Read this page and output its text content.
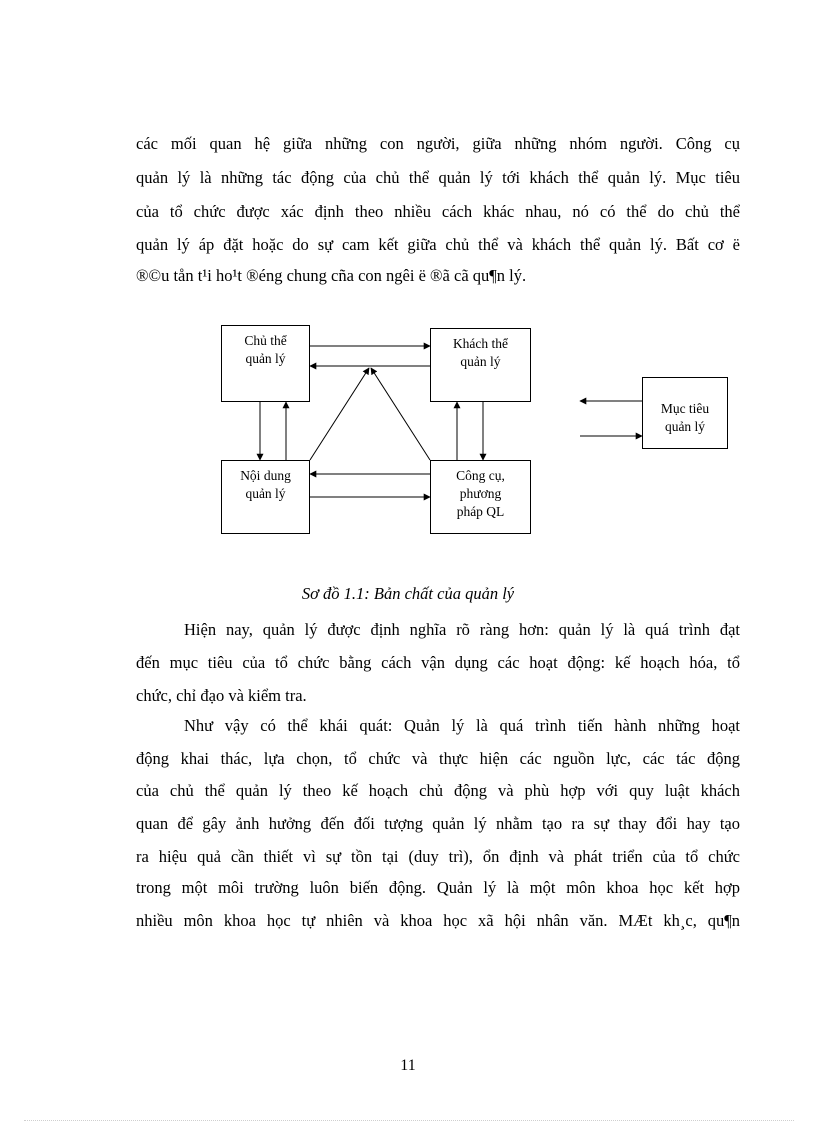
các mối quan hệ giữa những con người, giữa những nhóm người. Công cụ
quản lý là những tác động của chủ thể quản lý tới khách thể quản lý. Mục tiêu
của tổ chức được xác định theo nhiều cách khác nhau, nó có thể do chủ thể
quản lý áp đặt hoặc do sự cam kết giữa chủ thể và khách thể quản lý. Bất cơ ë
®©u tån t¹i ho¹t ®éng chung cña con ngêi ë ®ã cã qu¶n lý.
Chủ thể
quản lý
Khách thể
quản lý
Nội dung
quản lý
Công cụ,
phương
pháp QL
Mục tiêu
quản lý
Sơ đồ 1.1: Bản chất của quản lý
Hiện nay, quản lý được định nghĩa rõ ràng hơn: quản lý là quá trình đạt
đến mục tiêu của tổ chức bằng cách vận dụng các hoạt động: kế hoạch hóa, tổ
chức, chỉ đạo và kiểm tra.
Như vậy có thể khái quát: Quản lý là quá trình tiến hành những hoạt
động khai thác, lựa chọn, tổ chức và thực hiện các nguồn lực, các tác động
của chủ thể quản lý theo kế hoạch chủ động và phù hợp với quy luật khách
quan để gây ảnh hưởng đến đối tượng quản lý nhằm tạo ra sự thay đổi hay tạo
ra hiệu quả cần thiết vì sự tồn tại (duy trì), ổn định và phát triển của tổ chức
trong một môi trường luôn biến động. Quản lý là một môn khoa học kết hợp
nhiều môn khoa học tự nhiên và khoa học xã hội nhân văn. MÆt kh¸c, qu¶n
11
